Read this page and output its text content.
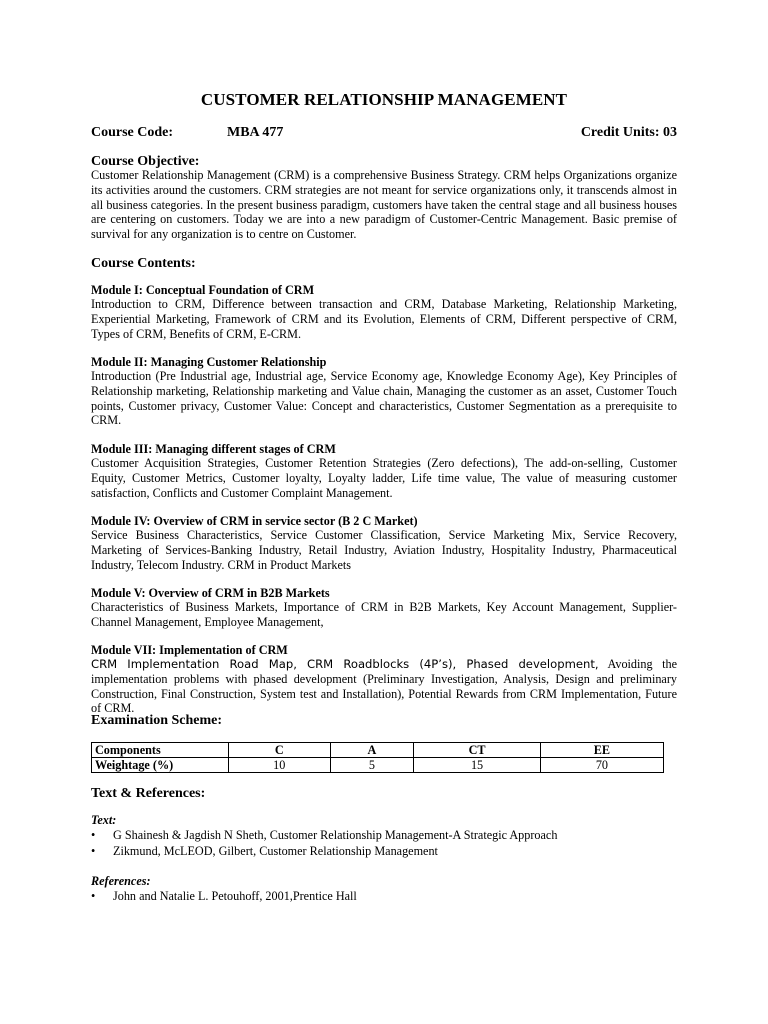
CUSTOMER RELATIONSHIP MANAGEMENT
Course Code:	MBA 477	Credit Units: 03
Course Objective:

Customer Relationship Management (CRM) is a comprehensive Business Strategy. CRM helps Organizations organize its activities around the customers. CRM strategies are not meant for service organizations only, it transcends almost in all business categories. In the present business paradigm, customers have taken the central stage and all business houses are centering on customers. Today we are into a new paradigm of Customer-Centric Management. Basic premise of survival for any organization is to centre on Customer.

Course Contents:
Module I: Conceptual Foundation of CRM

Introduction to CRM, Difference between transaction and CRM, Database Marketing, Relationship Marketing, Experiential Marketing, Framework of CRM and its Evolution, Elements of CRM, Different perspective of CRM, Types of CRM, Benefits of CRM, E-CRM.

Module II: Managing Customer Relationship

Introduction (Pre Industrial age, Industrial age, Service Economy age, Knowledge Economy Age), Key Principles of Relationship marketing, Relationship marketing and Value chain, Managing the customer as an asset, Customer Touch points, Customer privacy, Customer Value: Concept and characteristics, Customer Segmentation as a prerequisite to CRM.

Module III: Managing different stages of CRM

Customer Acquisition Strategies, Customer Retention Strategies (Zero defections), The add-on-selling, Customer Equity, Customer Metrics, Customer loyalty, Loyalty ladder, Life time value, The value of measuring customer satisfaction, Conflicts and Customer Complaint Management.

Module IV: Overview of CRM in service sector (B 2 C Market)

Service Business Characteristics, Service Customer Classification, Service Marketing Mix, Service Recovery, Marketing of Services-Banking Industry, Retail Industry, Aviation Industry, Hospitality Industry, Pharmaceutical Industry, Telecom Industry. CRM in Product Markets

Module V: Overview of CRM in B2B Markets

Characteristics of Business Markets, Importance of CRM in B2B Markets, Key Account Management, Supplier-Channel Management, Employee Management,

Module VII: Implementation of CRM

CRM Implementation Road Map, CRM Roadblocks (4P’s), Phased development, Avoiding the implementation problems with phased development (Preliminary Investigation, Analysis, Design and preliminary Construction, Final Construction, System test and Installation), Potential Rewards from CRM Implementation, Future of CRM.

Examination Scheme:
Components	C	A	CT	EE
Weightage (%)	10	5	15	70
Text & References:
Text:
• G Shainesh & Jagdish N Sheth, Customer Relationship Management-A Strategic Approach
• Zikmund, McLEOD, Gilbert, Customer Relationship Management
References:
• John and Natalie L. Petouhoff, 2001,Prentice Hall
